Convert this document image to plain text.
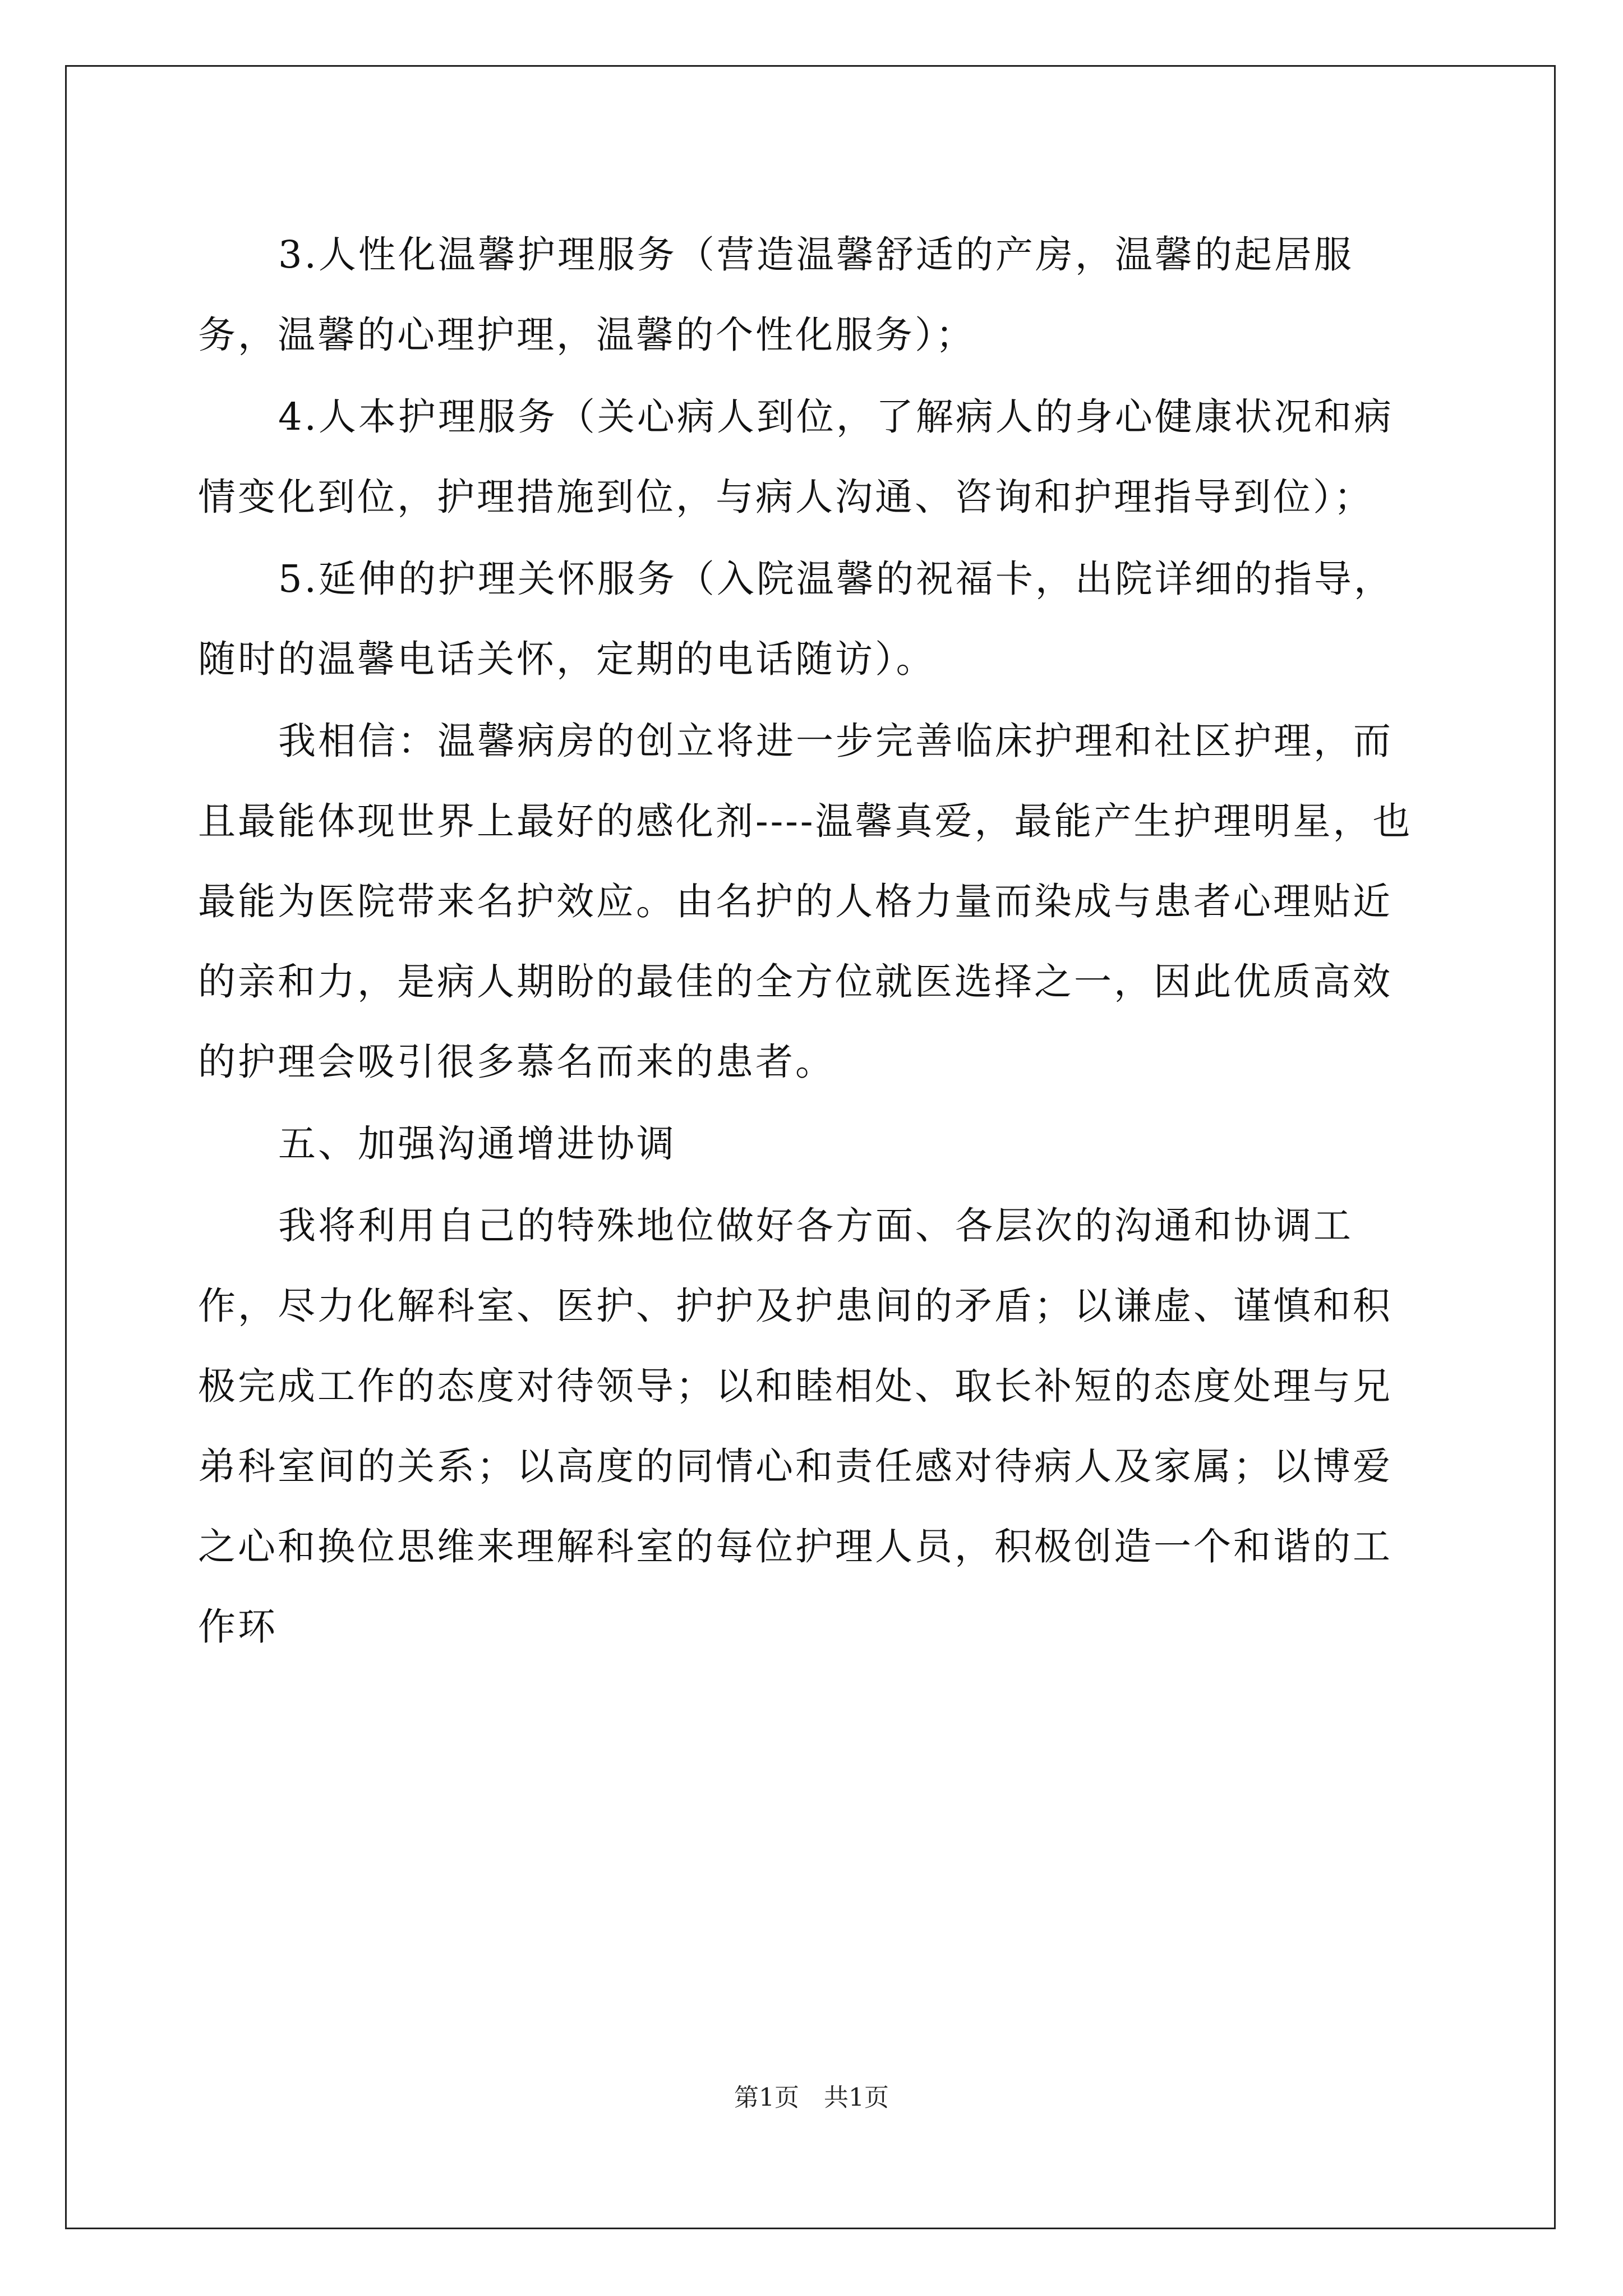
3.人性化温馨护理服务（营造温馨舒适的产房，温馨的起居服务，温馨的心理护理，温馨的个性化服务）；

4.人本护理服务（关心病人到位，了解病人的身心健康状况和病情变化到位，护理措施到位，与病人沟通、咨询和护理指导到位）；

5.延伸的护理关怀服务（入院温馨的祝福卡，出院详细的指导，随时的温馨电话关怀，定期的电话随访）。

我相信：温馨病房的创立将进一步完善临床护理和社区护理，而且最能体现世界上最好的感化剂----温馨真爱，最能产生护理明星，也最能为医院带来名护效应。由名护的人格力量而染成与患者心理贴近的亲和力，是病人期盼的最佳的全方位就医选择之一，因此优质高效的护理会吸引很多慕名而来的患者。

五、加强沟通增进协调

我将利用自己的特殊地位做好各方面、各层次的沟通和协调工作，尽力化解科室、医护、护护及护患间的矛盾；以谦虚、谨慎和积极完成工作的态度对待领导；以和睦相处、取长补短的态度处理与兄弟科室间的关系；以高度的同情心和责任感对待病人及家属；以博爱之心和换位思维来理解科室的每位护理人员，积极创造一个和谐的工作环

第1页　共1页
